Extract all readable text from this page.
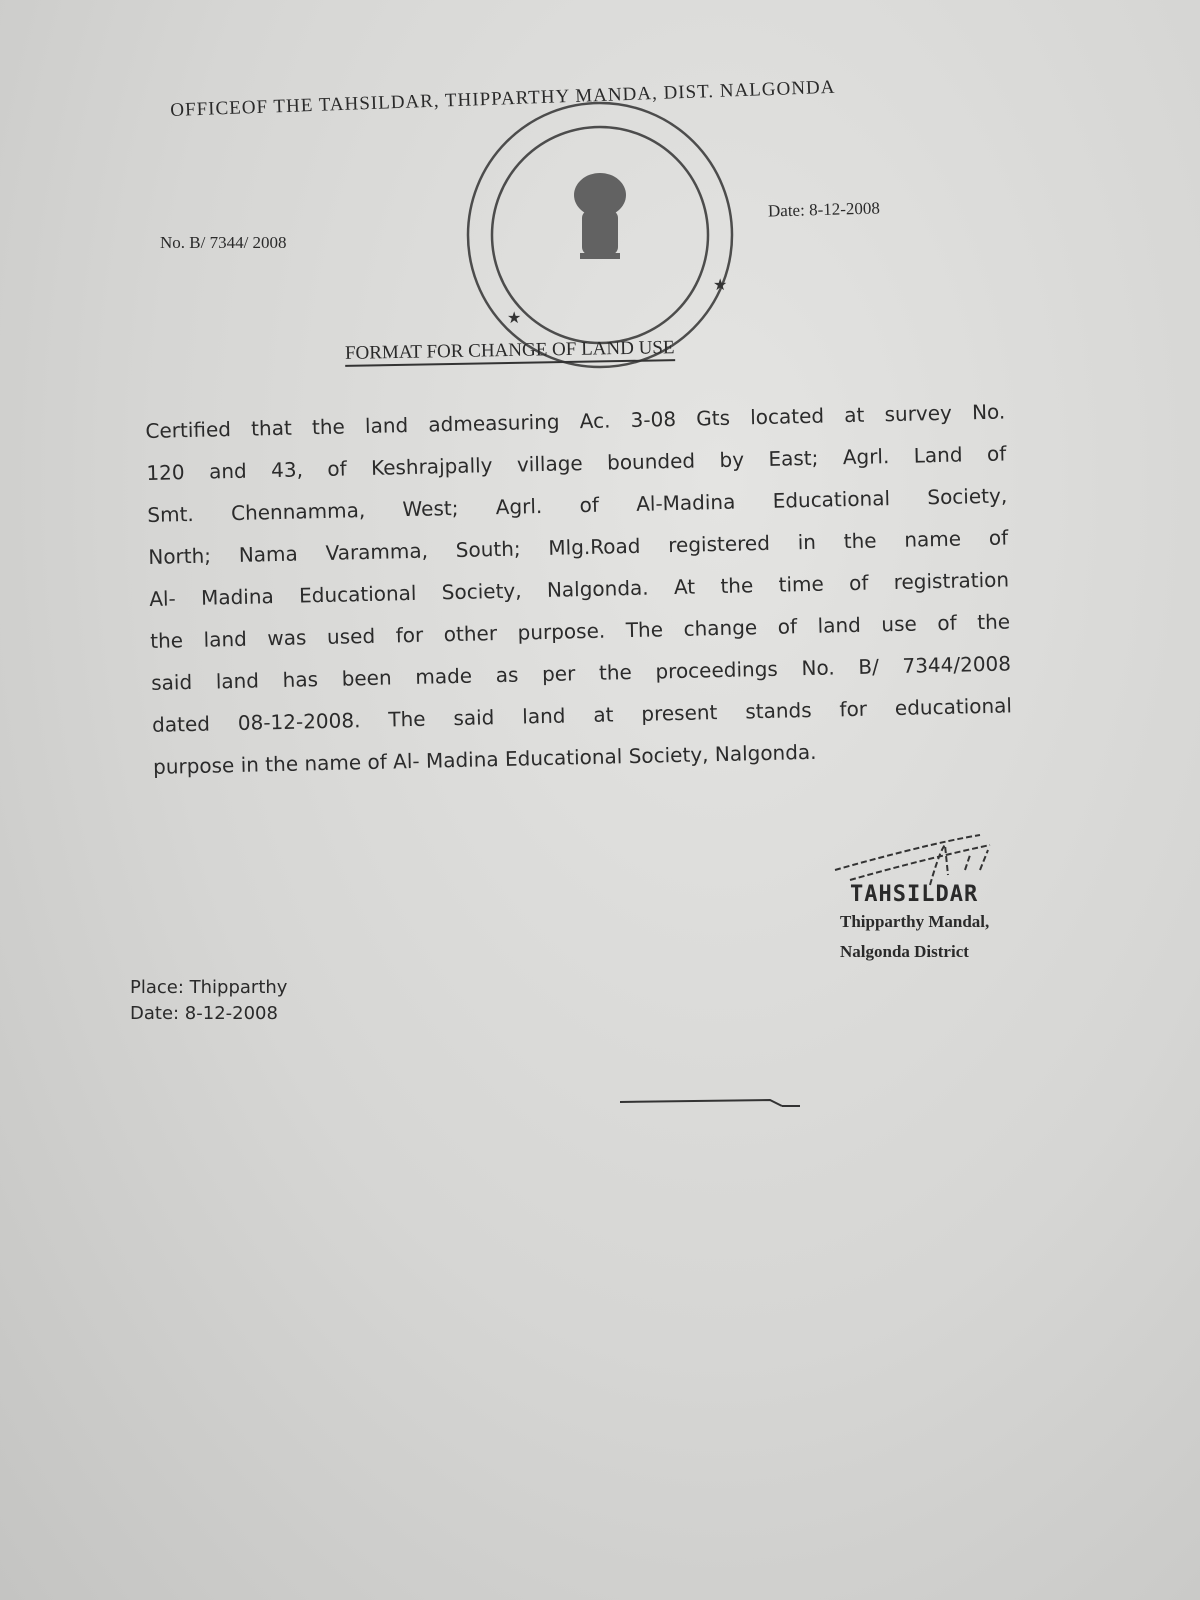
OFFICEOF THE TAHSILDAR, THIPPARTHY MANDA, DIST. NALGONDA
No. B/ 7344/ 2008
Date: 8-12-2008
★
★
FORMAT FOR CHANGE OF LAND USE
Certified that the land admeasuring Ac. 3-08 Gts located at survey No.
120 and 43, of Keshrajpally village bounded by East; Agrl. Land of
Smt. Chennamma, West; Agrl. of Al-Madina Educational Society,
North; Nama Varamma, South; Mlg.Road registered in the name of
Al- Madina Educational Society, Nalgonda. At the time of registration
the land was used for other purpose. The change of land use of the
said land has been made as per the proceedings No. B/ 7344/2008
dated 08-12-2008. The said land at present stands for educational
purpose in the name of Al- Madina Educational Society, Nalgonda.
TAHSILDAR
Thipparthy Mandal,
Nalgonda District
Place: Thipparthy
Date: 8-12-2008
